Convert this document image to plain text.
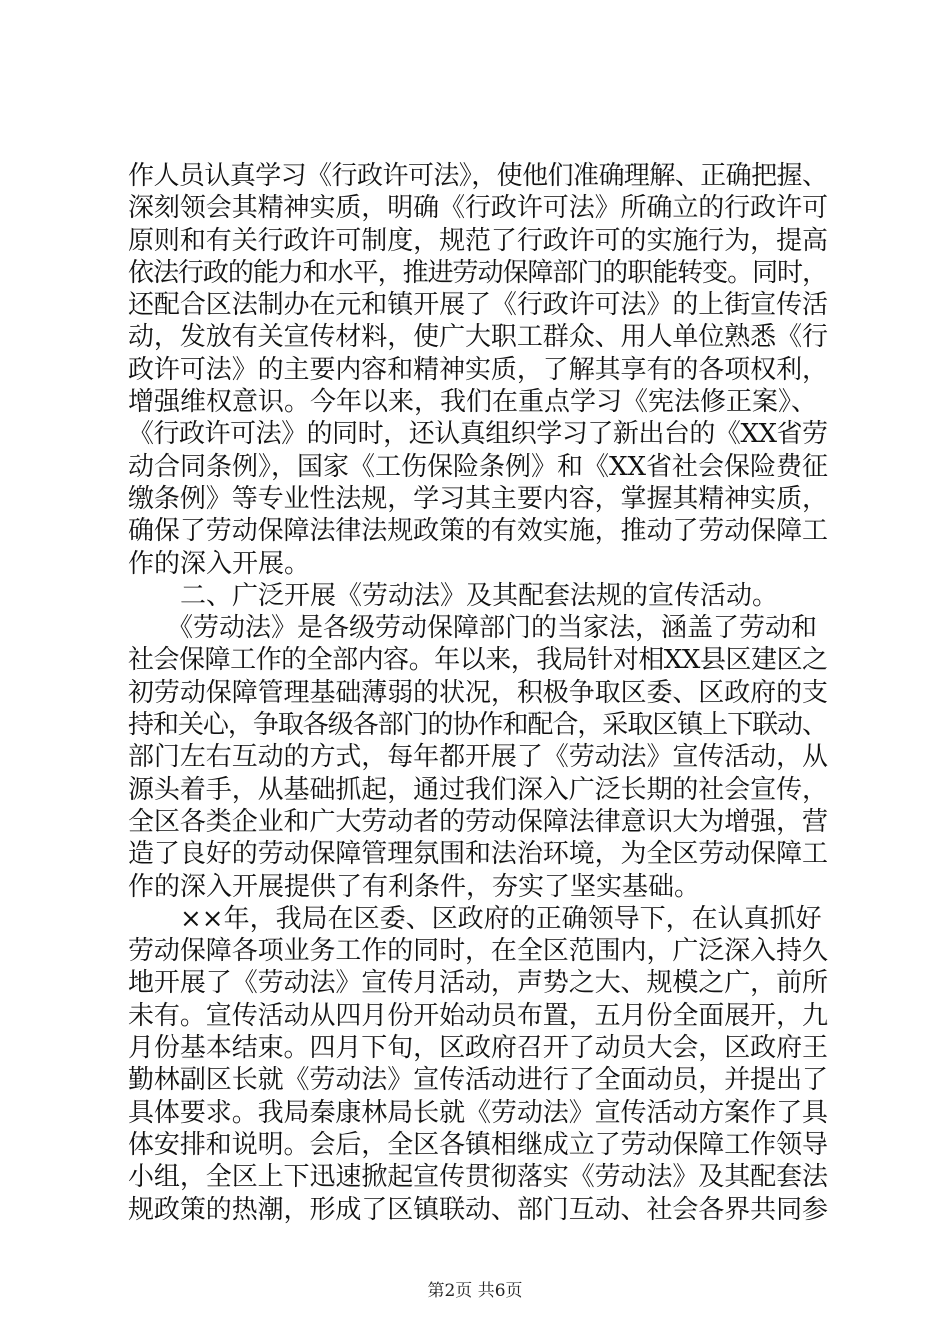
作人员认真学习《行政许可法》，使他们准确理解、正确把握、
深刻领会其精神实质，明确《行政许可法》所确立的行政许可
原则和有关行政许可制度，规范了行政许可的实施行为，提高
依法行政的能力和水平，推进劳动保障部门的职能转变。同时，
还配合区法制办在元和镇开展了《行政许可法》的上街宣传活
动，发放有关宣传材料，使广大职工群众、用人单位熟悉《行
政许可法》的主要内容和精神实质，了解其享有的各项权利，
增强维权意识。今年以来，我们在重点学习《宪法修正案》、
《行政许可法》的同时，还认真组织学习了新出台的《XX省劳
动合同条例》，国家《工伤保险条例》和《XX省社会保险费征
缴条例》等专业性法规，学习其主要内容，掌握其精神实质，
确保了劳动保障法律法规政策的有效实施，推动了劳动保障工
作的深入开展。
　　二、广泛开展《劳动法》及其配套法规的宣传活动。
　　《劳动法》是各级劳动保障部门的当家法，涵盖了劳动和
社会保障工作的全部内容。年以来，我局针对相XX县区建区之
初劳动保障管理基础薄弱的状况，积极争取区委、区政府的支
持和关心，争取各级各部门的协作和配合，采取区镇上下联动、
部门左右互动的方式，每年都开展了《劳动法》宣传活动，从
源头着手，从基础抓起，通过我们深入广泛长期的社会宣传，
全区各类企业和广大劳动者的劳动保障法律意识大为增强，营
造了良好的劳动保障管理氛围和法治环境，为全区劳动保障工
作的深入开展提供了有利条件，夯实了坚实基础。
　　××年，我局在区委、区政府的正确领导下，在认真抓好
劳动保障各项业务工作的同时，在全区范围内，广泛深入持久
地开展了《劳动法》宣传月活动，声势之大、规模之广，前所
未有。宣传活动从四月份开始动员布置，五月份全面展开，九
月份基本结束。四月下旬，区政府召开了动员大会，区政府王
勤林副区长就《劳动法》宣传活动进行了全面动员，并提出了
具体要求。我局秦康林局长就《劳动法》宣传活动方案作了具
体安排和说明。会后，全区各镇相继成立了劳动保障工作领导
小组，全区上下迅速掀起宣传贯彻落实《劳动法》及其配套法
规政策的热潮，形成了区镇联动、部门互动、社会各界共同参
第2页 共6页
